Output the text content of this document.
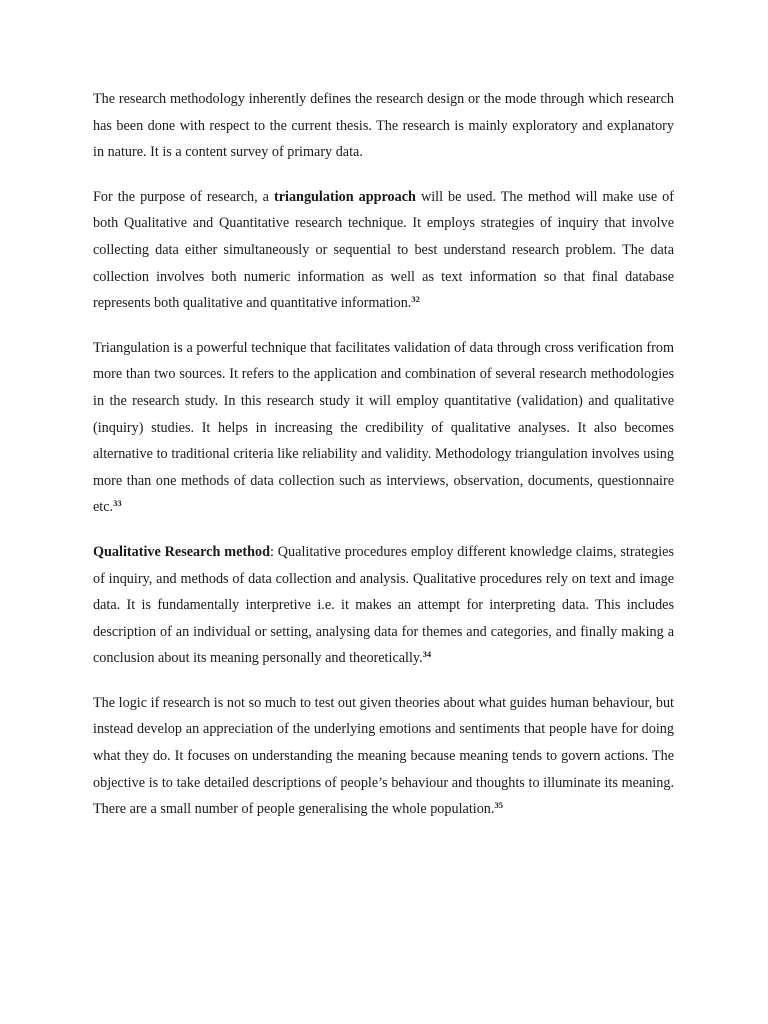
The research methodology inherently defines the research design or the mode through which research has been done with respect to the current thesis. The research is mainly exploratory and explanatory in nature. It is a content survey of primary data.

For the purpose of research, a triangulation approach will be used. The method will make use of both Qualitative and Quantitative research technique. It employs strategies of inquiry that involve collecting data either simultaneously or sequential to best understand research problem. The data collection involves both numeric information as well as text information so that final database represents both qualitative and quantitative information.$^{32}$

Triangulation is a powerful technique that facilitates validation of data through cross verification from more than two sources. It refers to the application and combination of several research methodologies in the research study. In this research study it will employ quantitative (validation) and qualitative (inquiry) studies. It helps in increasing the credibility of qualitative analyses. It also becomes alternative to traditional criteria like reliability and validity. Methodology triangulation involves using more than one methods of data collection such as interviews, observation, documents, questionnaire etc.$^{33}$

Qualitative Research method: Qualitative procedures employ different knowledge claims, strategies of inquiry, and methods of data collection and analysis. Qualitative procedures rely on text and image data. It is fundamentally interpretive i.e. it makes an attempt for interpreting data. This includes description of an individual or setting, analysing data for themes and categories, and finally making a conclusion about its meaning personally and theoretically.$^{34}$

The logic if research is not so much to test out given theories about what guides human behaviour, but instead develop an appreciation of the underlying emotions and sentiments that people have for doing what they do. It focuses on understanding the meaning because meaning tends to govern actions. The objective is to take detailed descriptions of people’s behaviour and thoughts to illuminate its meaning. There are a small number of people generalising the whole population.$^{35}$
